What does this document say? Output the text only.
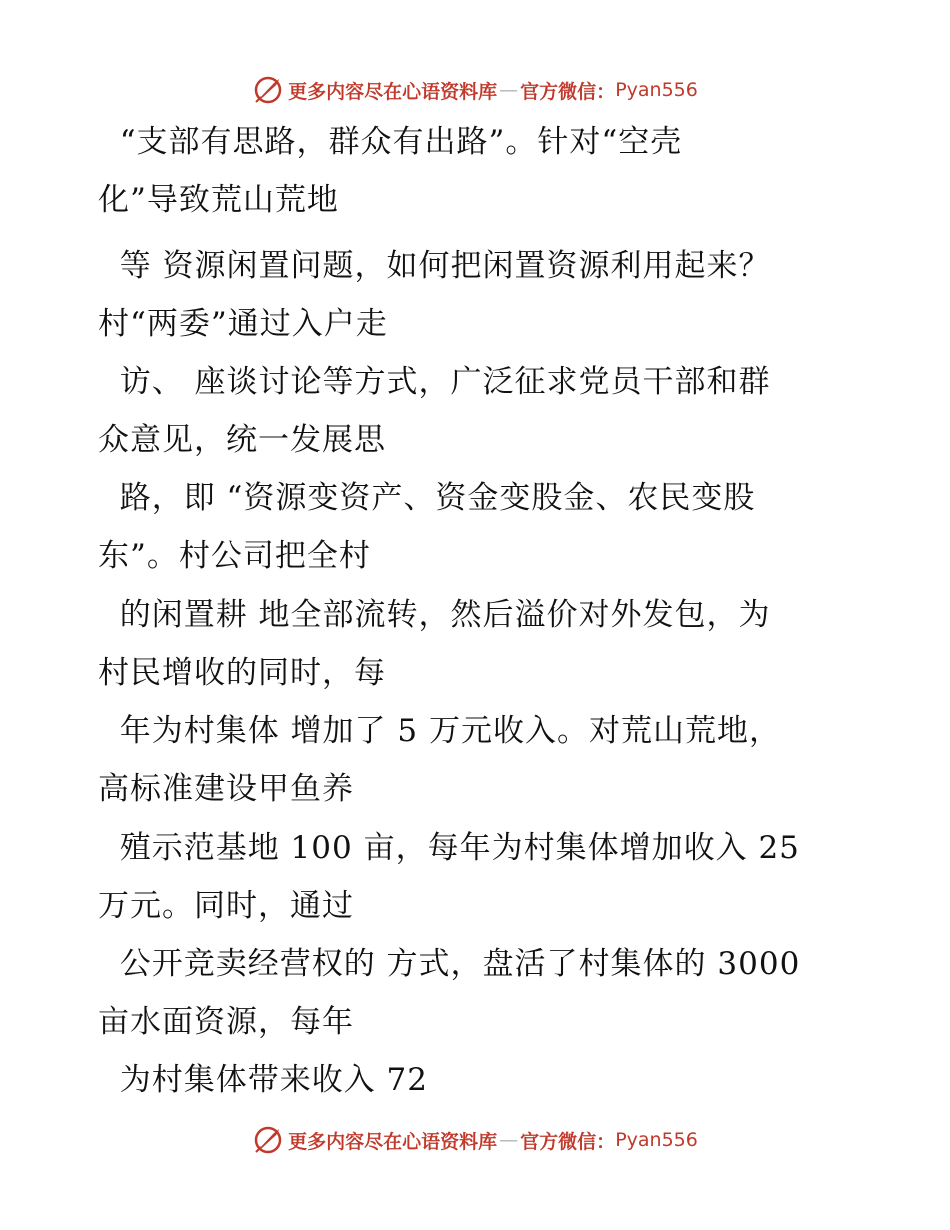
更多内容尽在心语资料库 — 官方微信： Pyan556
“支部有思路，群众有出路”。针对“空壳
化”导致荒山荒地
等 资源闲置问题，如何把闲置资源利用起来？
村“两委”通过入户走
访、 座谈讨论等方式，广泛征求党员干部和群
众意见，统一发展思
路，即 “资源变资产、资金变股金、农民变股
东”。村公司把全村
的闲置耕 地全部流转，然后溢价对外发包，为
村民增收的同时，每
年为村集体 增加了 5 万元收入。对荒山荒地，
高标准建设甲鱼养
殖示范基地 100 亩，每年为村集体增加收入 25
万元。同时，通过
公开竞卖经营权的 方式，盘活了村集体的 3000
亩水面资源，每年
为村集体带来收入 72
更多内容尽在心语资料库 — 官方微信： Pyan556
